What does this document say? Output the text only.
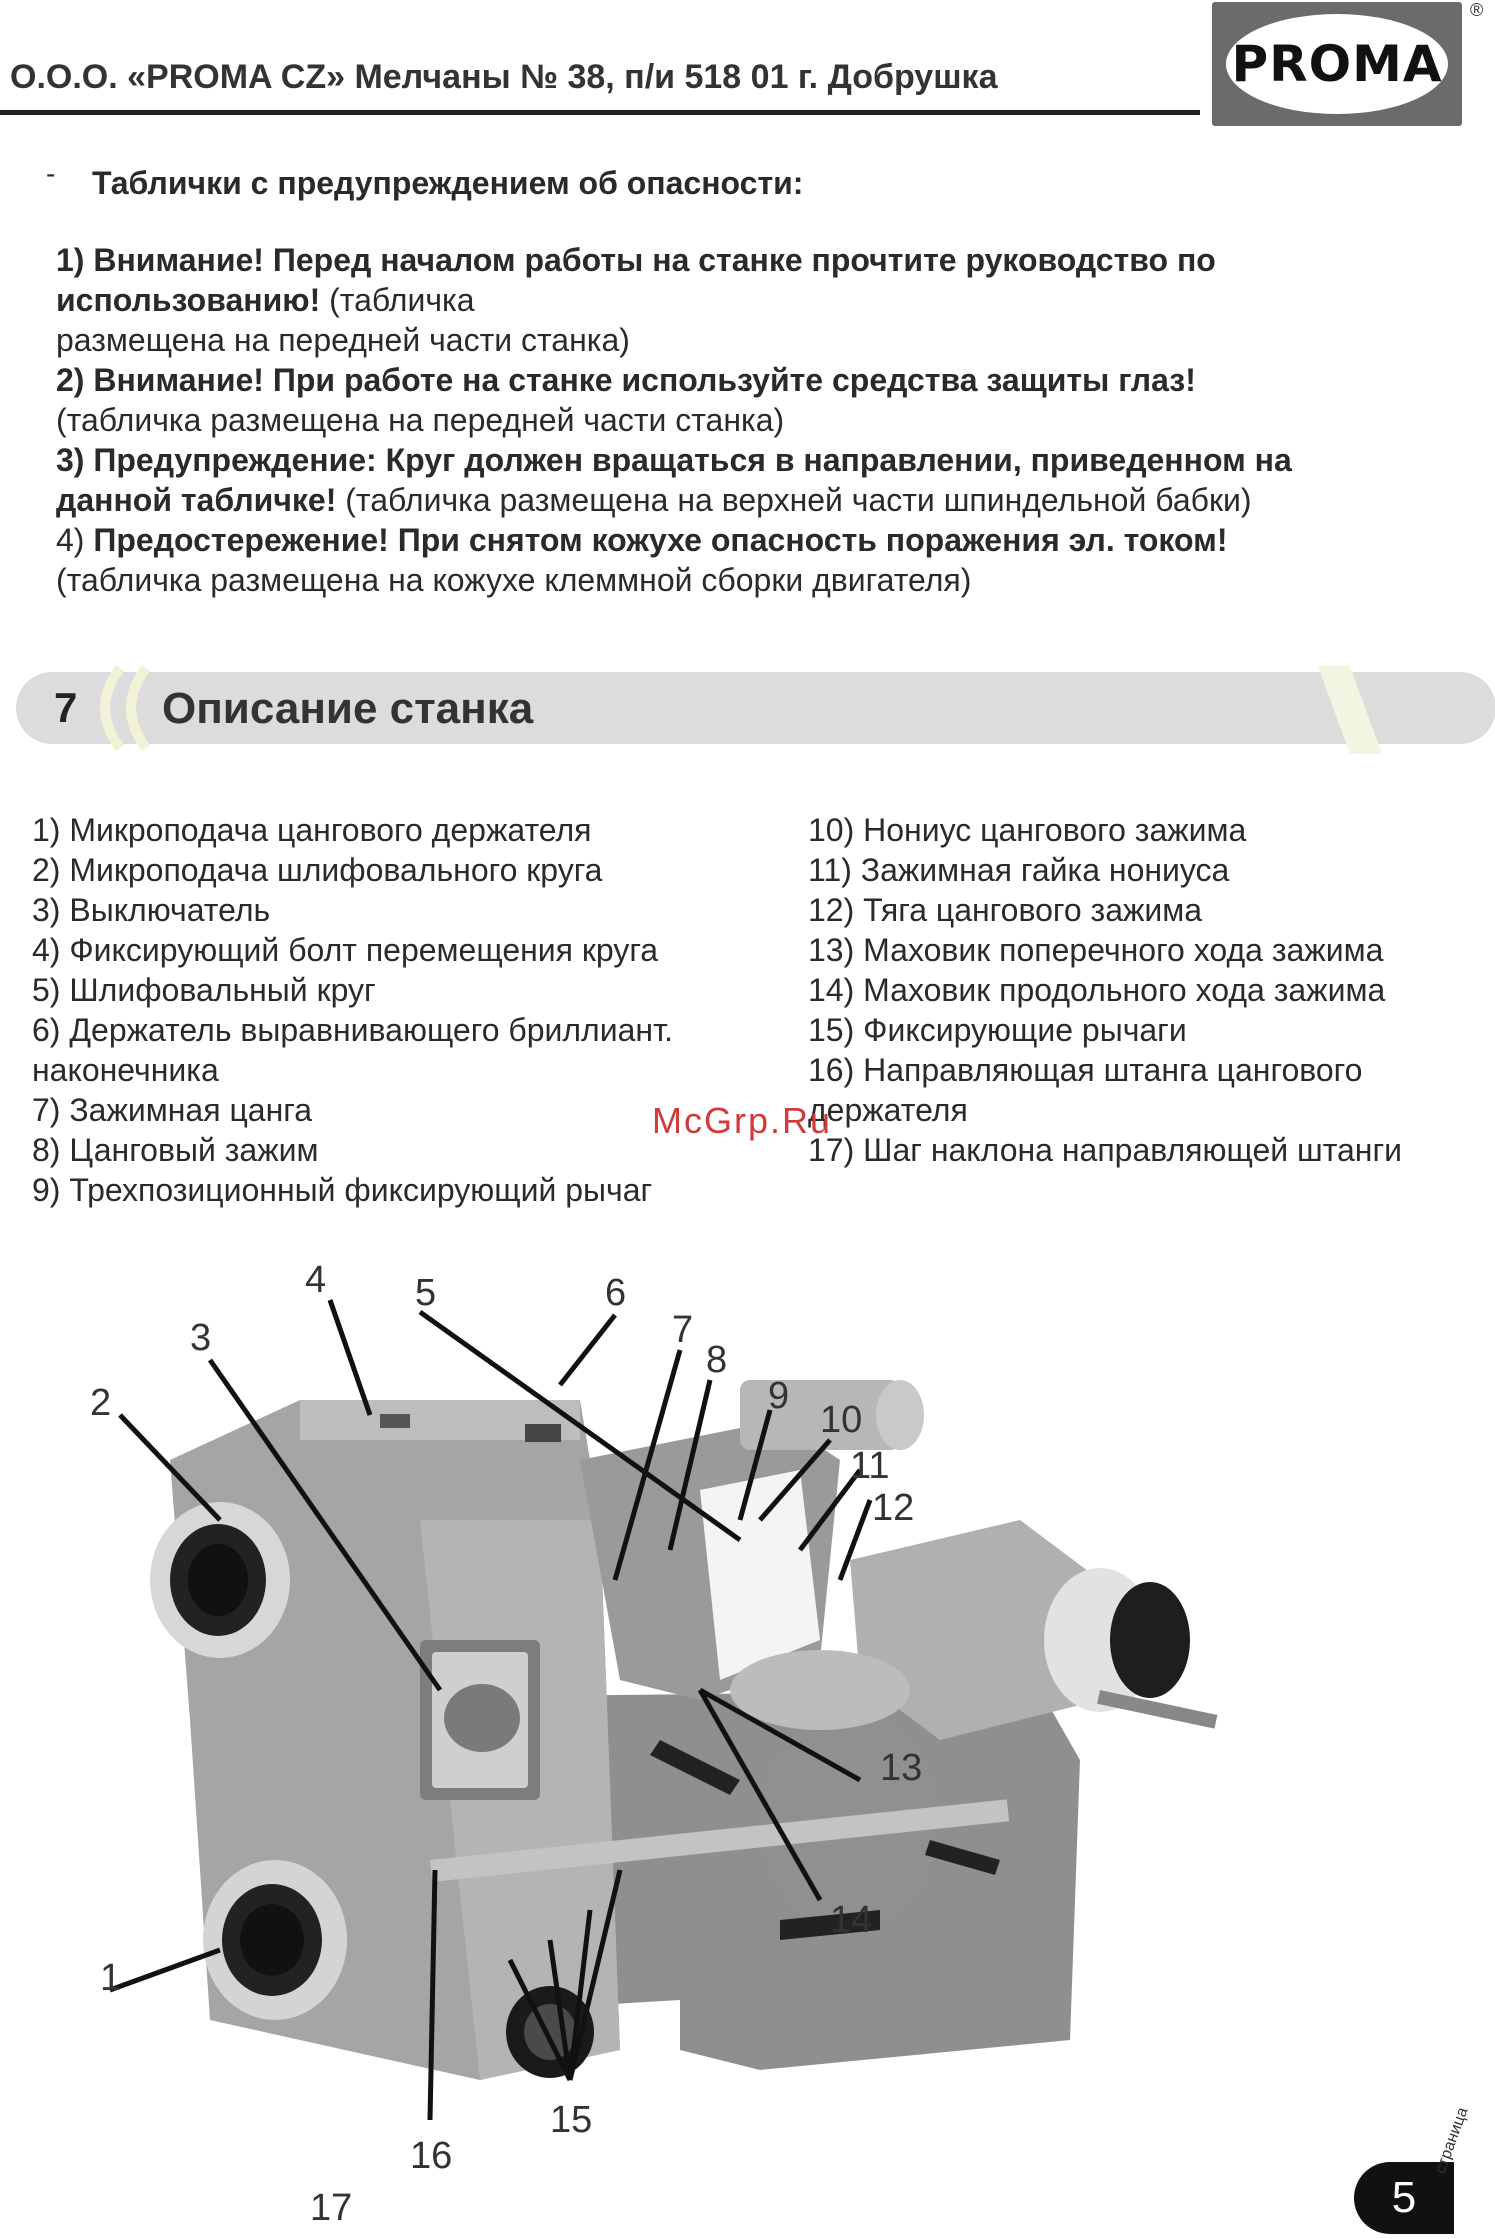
О.О.О. «PROMA CZ» Мелчаны № 38, п/и 518 01 г. Добрушка	PROMA
®
- Таблички с предупреждением об опасности:
1) Внимание! Перед началом работы на станке прочтите руководство по
использованию! (табличка
размещена на передней части станка)
2) Внимание! При работе на станке используйте средства защиты глаз!
(табличка размещена на передней части станка)
3) Предупреждение: Круг должен вращаться в направлении, приведенном на
данной табличке! (табличка размещена на верхней части шпиндельной бабки)
4) Предостережение! При снятом кожухе опасность поражения эл. током!
(табличка размещена на кожухе клеммной сборки двигателя)
7 Описание станка
1) Микроподача цангового держателя
2) Микроподача шлифовального круга
3) Выключатель
4) Фиксирующий болт перемещения круга
5) Шлифовальный круг
6) Держатель выравнивающего бриллиант.
наконечника
7) Зажимная цанга
8) Цанговый зажим
9) Трехпозиционный фиксирующий рычаг
10) Нониус цангового зажима
11) Зажимная гайка нониуса
12) Тяга цангового зажима
13) Маховик поперечного хода зажима
14) Маховик продольного хода зажима
15) Фиксирующие рычаги
16) Направляющая штанга цангового
держателя
17) Шаг наклона направляющей штанги
McGrp.Ru
1
2
3
4 5	6
7
8
9
10
11
12
13
14
15
16
17	5
страница
